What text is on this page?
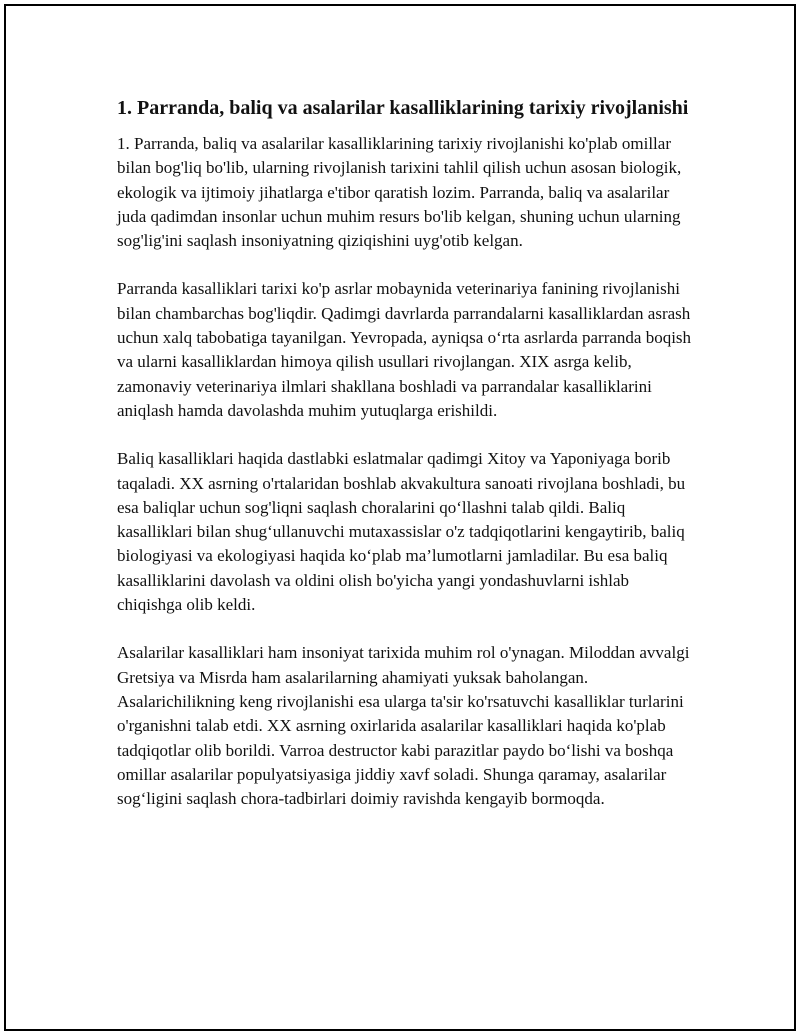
1. Parranda, baliq va asalarilar kasalliklarining tarixiy rivojlanishi

1. Parranda, baliq va asalarilar kasalliklarining tarixiy rivojlanishi ko'plab omillar bilan bog'liq bo'lib, ularning rivojlanish tarixini tahlil qilish uchun asosan biologik, ekologik va ijtimoiy jihatlarga e'tibor qaratish lozim. Parranda, baliq va asalarilar juda qadimdan insonlar uchun muhim resurs bo'lib kelgan, shuning uchun ularning sog'lig'ini saqlash insoniyatning qiziqishini uyg'otib kelgan.

Parranda kasalliklari tarixi ko'p asrlar mobaynida veterinariya fanining rivojlanishi bilan chambarchas bog'liqdir. Qadimgi davrlarda parrandalarni kasalliklardan asrash uchun xalq tabobatiga tayanilgan. Yevropada, ayniqsa o‘rta asrlarda parranda boqish va ularni kasalliklardan himoya qilish usullari rivojlangan. XIX asrga kelib, zamonaviy veterinariya ilmlari shakllana boshladi va parrandalar kasalliklarini aniqlash hamda davolashda muhim yutuqlarga erishildi.

Baliq kasalliklari haqida dastlabki eslatmalar qadimgi Xitoy va Yaponiyaga borib taqaladi. XX asrning o'rtalaridan boshlab akvakultura sanoati rivojlana boshladi, bu esa baliqlar uchun sog'liqni saqlash choralarini qo‘llashni talab qildi. Baliq kasalliklari bilan shug‘ullanuvchi mutaxassislar o'z tadqiqotlarini kengaytirib, baliq biologiyasi va ekologiyasi haqida ko‘plab ma’lumotlarni jamladilar. Bu esa baliq kasalliklarini davolash va oldini olish bo'yicha yangi yondashuvlarni ishlab chiqishga olib keldi.

Asalarilar kasalliklari ham insoniyat tarixida muhim rol o'ynagan. Miloddan avvalgi Gretsiya va Misrda ham asalarilarning ahamiyati yuksak baholangan. Asalarichilikning keng rivojlanishi esa ularga ta'sir ko'rsatuvchi kasalliklar turlarini o'rganishni talab etdi. XX asrning oxirlarida asalarilar kasalliklari haqida ko'plab tadqiqotlar olib borildi. Varroa destructor kabi parazitlar paydo bo‘lishi va boshqa omillar asalarilar populyatsiyasiga jiddiy xavf soladi. Shunga qaramay, asalarilar sog‘ligini saqlash chora-tadbirlari doimiy ravishda kengayib bormoqda.
